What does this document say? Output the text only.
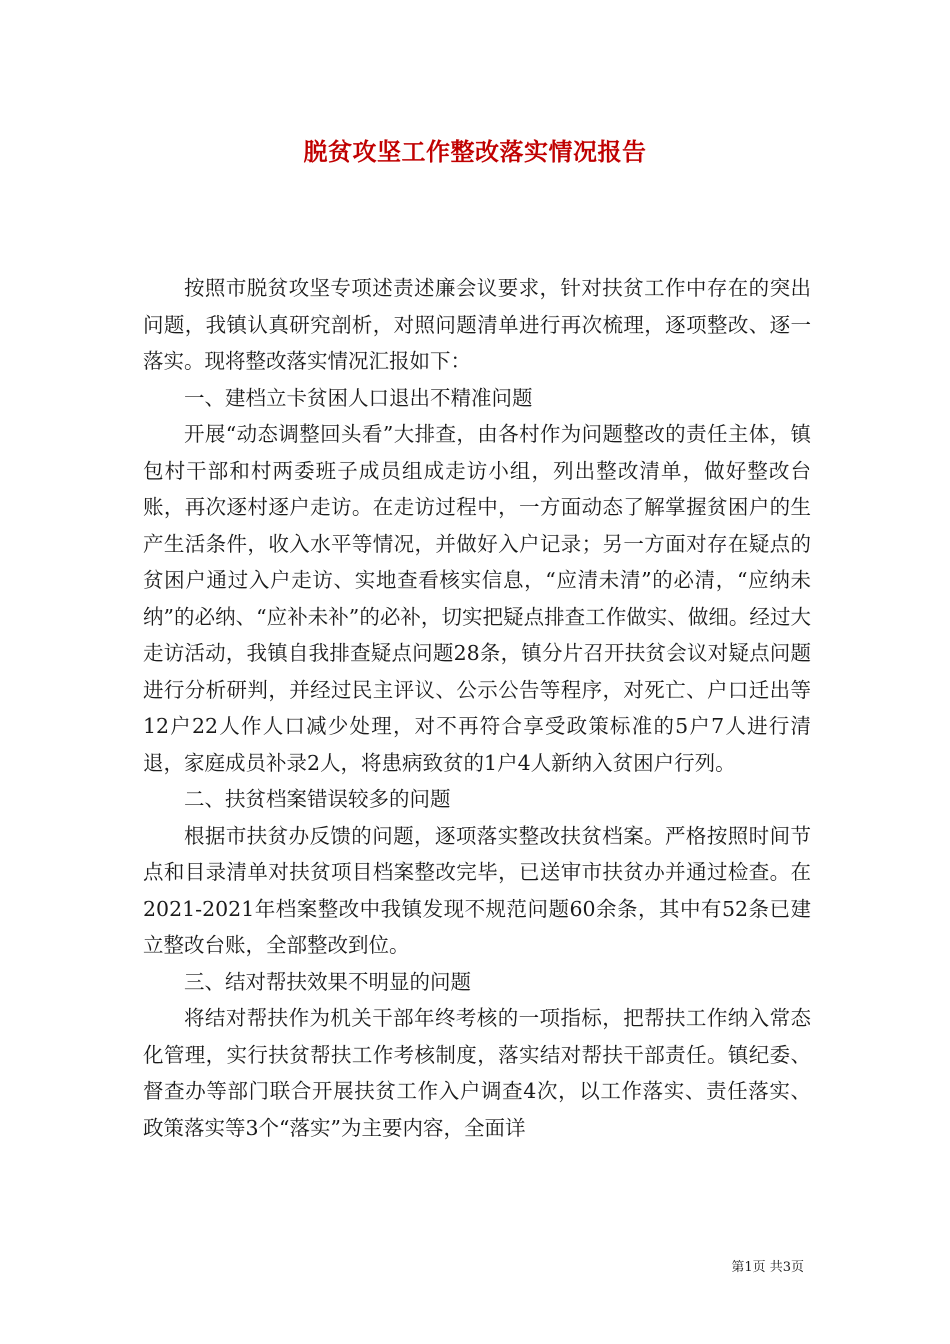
脱贫攻坚工作整改落实情况报告

按照市脱贫攻坚专项述责述廉会议要求，针对扶贫工作中存在的突出问题，我镇认真研究剖析，对照问题清单进行再次梳理，逐项整改、逐一落实。现将整改落实情况汇报如下：

一、建档立卡贫困人口退出不精准问题

开展“动态调整回头看”大排查，由各村作为问题整改的责任主体，镇包村干部和村两委班子成员组成走访小组，列出整改清单，做好整改台账，再次逐村逐户走访。在走访过程中，一方面动态了解掌握贫困户的生产生活条件，收入水平等情况，并做好入户记录；另一方面对存在疑点的贫困户通过入户走访、实地查看核实信息，“应清未清”的必清，“应纳未纳”的必纳、“应补未补”的必补，切实把疑点排查工作做实、做细。经过大走访活动，我镇自我排查疑点问题28条，镇分片召开扶贫会议对疑点问题进行分析研判，并经过民主评议、公示公告等程序，对死亡、户口迁出等12户22人作人口减少处理，对不再符合享受政策标准的5户7人进行清退，家庭成员补录2人，将患病致贫的1户4人新纳入贫困户行列。

二、扶贫档案错误较多的问题

根据市扶贫办反馈的问题，逐项落实整改扶贫档案。严格按照时间节点和目录清单对扶贫项目档案整改完毕，已送审市扶贫办并通过检查。在2021-2021年档案整改中我镇发现不规范问题60余条，其中有52条已建立整改台账，全部整改到位。

三、结对帮扶效果不明显的问题

将结对帮扶作为机关干部年终考核的一项指标，把帮扶工作纳入常态化管理，实行扶贫帮扶工作考核制度，落实结对帮扶干部责任。镇纪委、督查办等部门联合开展扶贫工作入户调查4次，以工作落实、责任落实、政策落实等3个“落实”为主要内容，全面详

第1页 共3页
